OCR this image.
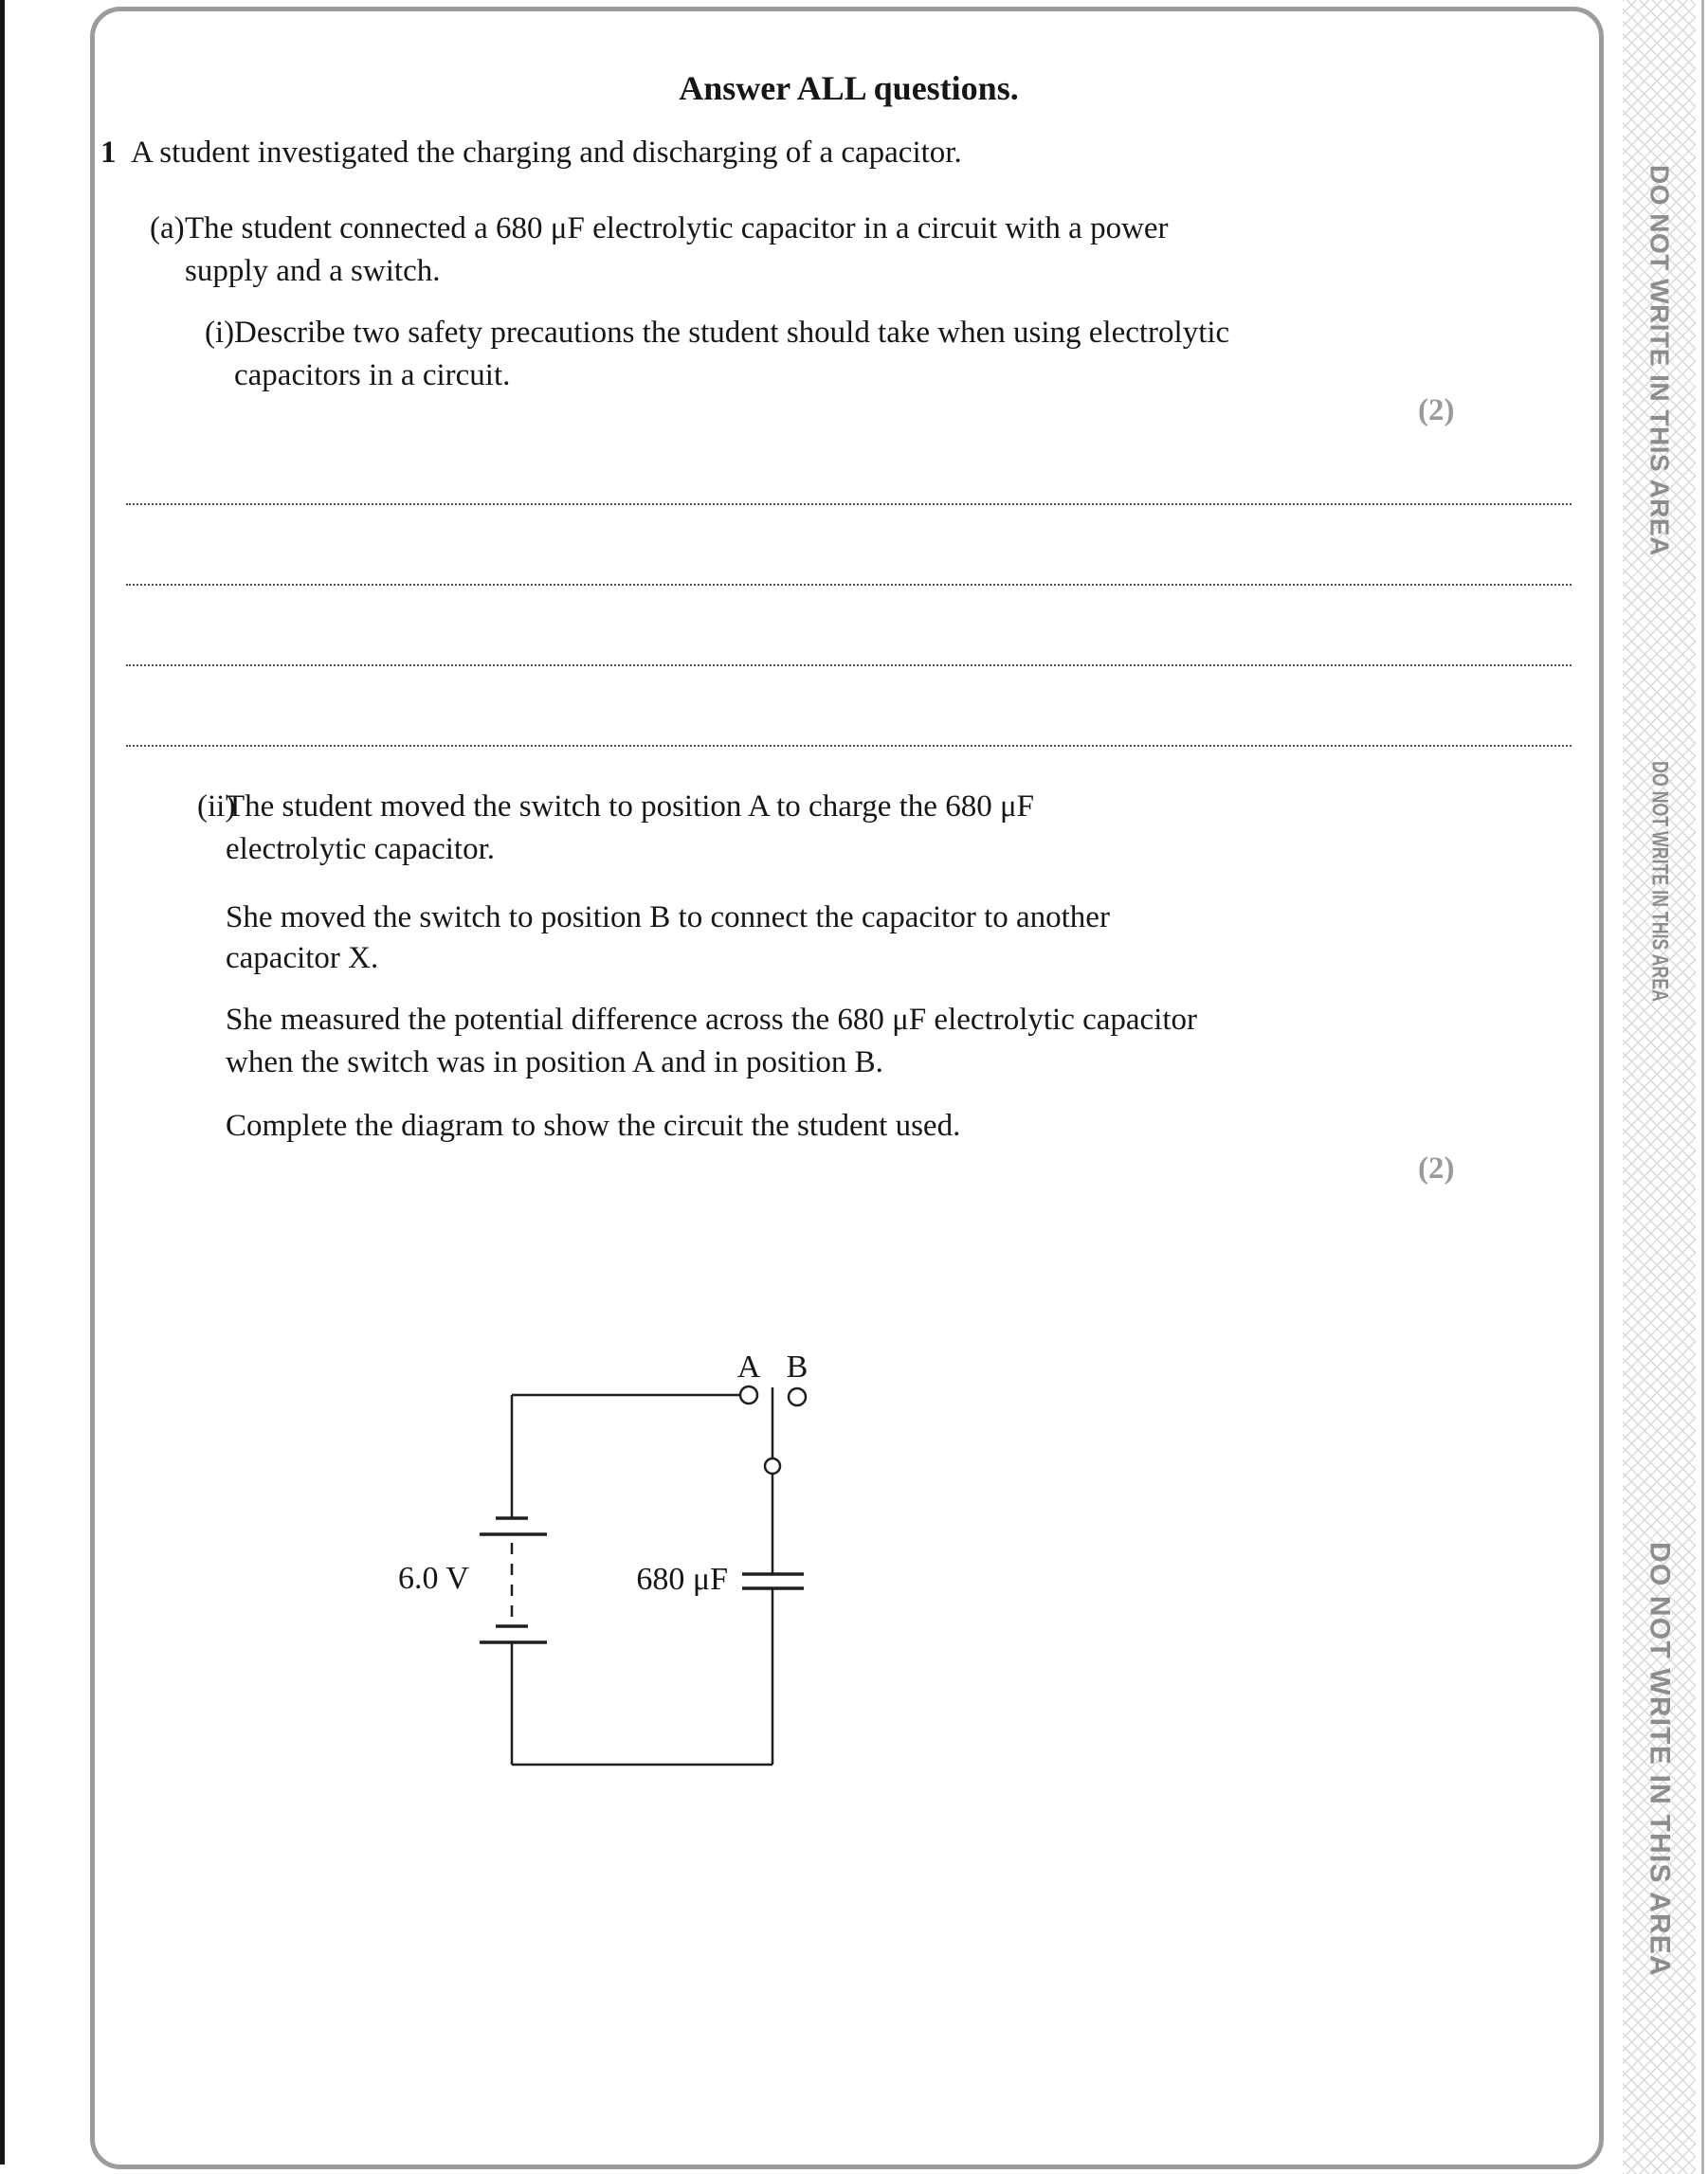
DO NOT WRITE IN THIS AREA
DO NOT WRITE IN THIS AREA
DO NOT WRITE IN THIS AREA
Answer ALL questions.
1 A student investigated the charging and discharging of a capacitor.
(a) The student connected a 680 μF electrolytic capacitor in a circuit with a power
supply and a switch.
(i) Describe two safety precautions the student should take when using electrolytic
capacitors in a circuit.
(2)
(ii)
The student moved the switch to position A to charge the 680 μF
electrolytic capacitor.
She moved the switch to position B to connect the capacitor to another
capacitor X.
She measured the potential difference across the 680 μF electrolytic capacitor
when the switch was in position A and in position B.
Complete the diagram to show the circuit the student used.
(2)
A B
6.0 V	680 μF
